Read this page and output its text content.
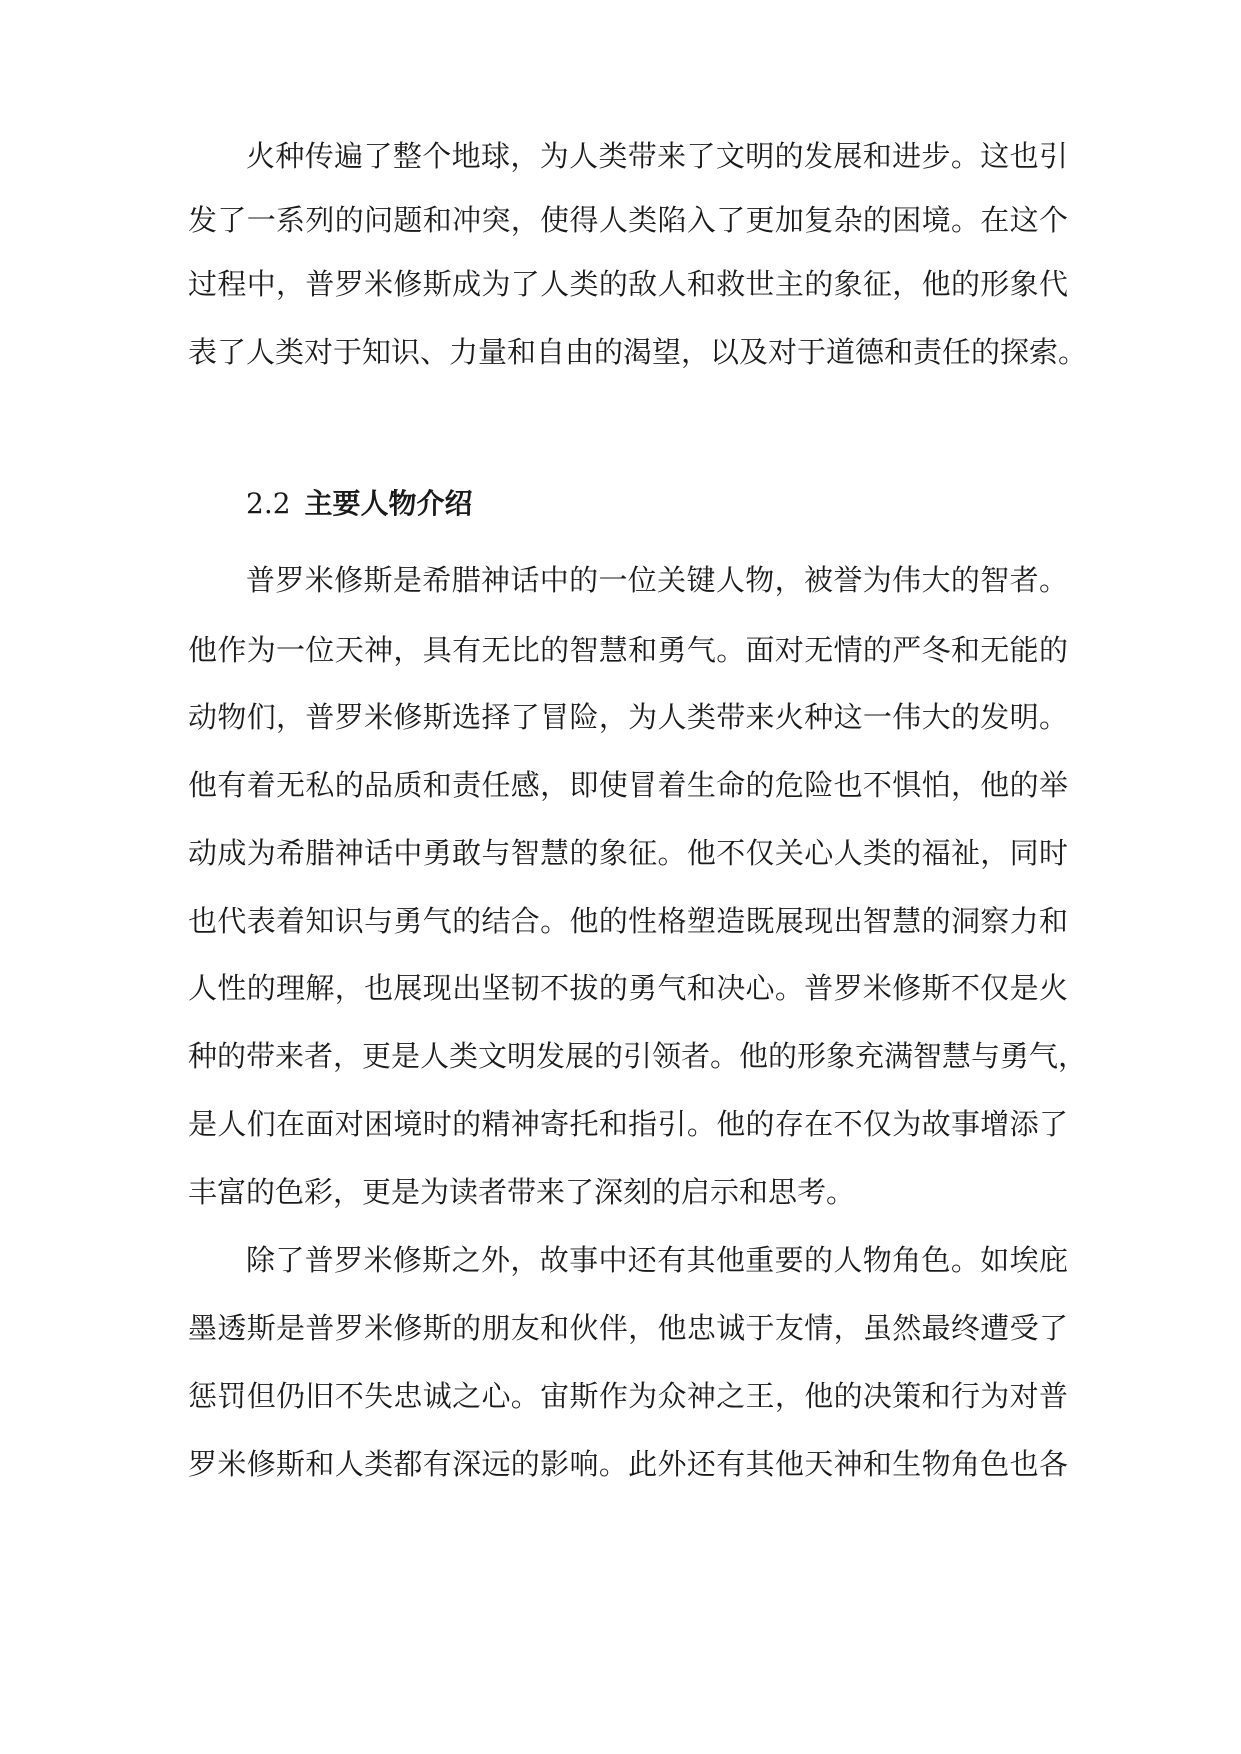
火种传遍了整个地球，为人类带来了文明的发展和进步。这也引
发了一系列的问题和冲突，使得人类陷入了更加复杂的困境。在这个
过程中，普罗米修斯成为了人类的敌人和救世主的象征，他的形象代
表了人类对于知识、力量和自由的渴望，以及对于道德和责任的探索。
2.2 主要人物介绍
普罗米修斯是希腊神话中的一位关键人物，被誉为伟大的智者。
他作为一位天神，具有无比的智慧和勇气。面对无情的严冬和无能的
动物们，普罗米修斯选择了冒险，为人类带来火种这一伟大的发明。
他有着无私的品质和责任感，即使冒着生命的危险也不惧怕，他的举
动成为希腊神话中勇敢与智慧的象征。他不仅关心人类的福祉，同时
也代表着知识与勇气的结合。他的性格塑造既展现出智慧的洞察力和
人性的理解，也展现出坚韧不拔的勇气和决心。普罗米修斯不仅是火
种的带来者，更是人类文明发展的引领者。他的形象充满智慧与勇气，
是人们在面对困境时的精神寄托和指引。他的存在不仅为故事增添了
丰富的色彩，更是为读者带来了深刻的启示和思考。
除了普罗米修斯之外，故事中还有其他重要的人物角色。如埃庇
墨透斯是普罗米修斯的朋友和伙伴，他忠诚于友情，虽然最终遭受了
惩罚但仍旧不失忠诚之心。宙斯作为众神之王，他的决策和行为对普
罗米修斯和人类都有深远的影响。此外还有其他天神和生物角色也各
